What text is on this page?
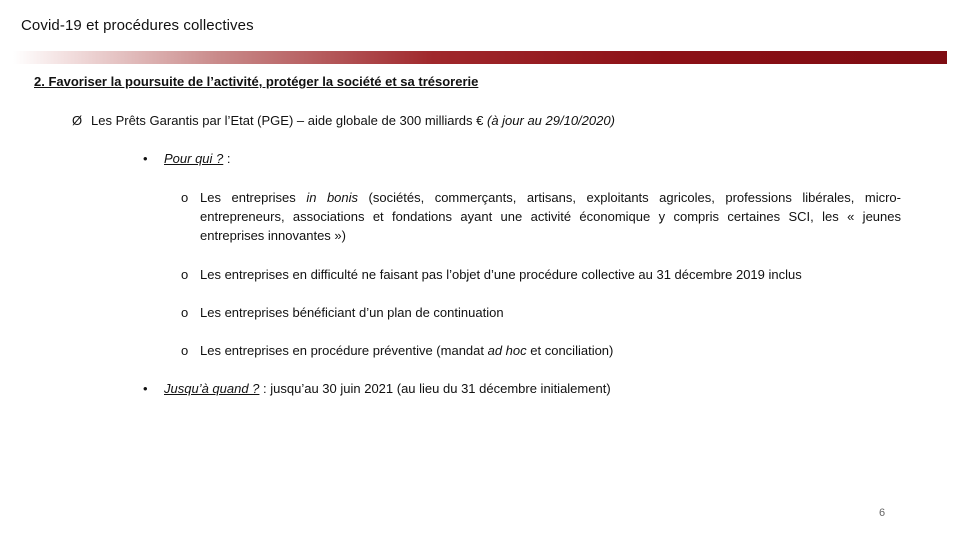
Covid-19 et procédures collectives
2. Favoriser la poursuite de l’activité, protéger la société et sa trésorerie
Ø Les Prêts Garantis par l’Etat (PGE) – aide globale de 300 milliards € (à jour au 29/10/2020)
•	Pour qui ? :
o Les entreprises in bonis (sociétés, commerçants, artisans, exploitants agricoles, professions libérales, micro-entrepreneurs, associations et fondations ayant une activité économique y compris certaines SCI, les « jeunes entreprises innovantes »)
o Les entreprises en difficulté ne faisant pas l’objet d’une procédure collective au 31 décembre 2019 inclus
o Les entreprises bénéficiant d’un plan de continuation
o Les entreprises en procédure préventive (mandat ad hoc et conciliation)
•	Jusqu’à quand ? : jusqu’au 30 juin 2021 (au lieu du 31 décembre initialement)
6
